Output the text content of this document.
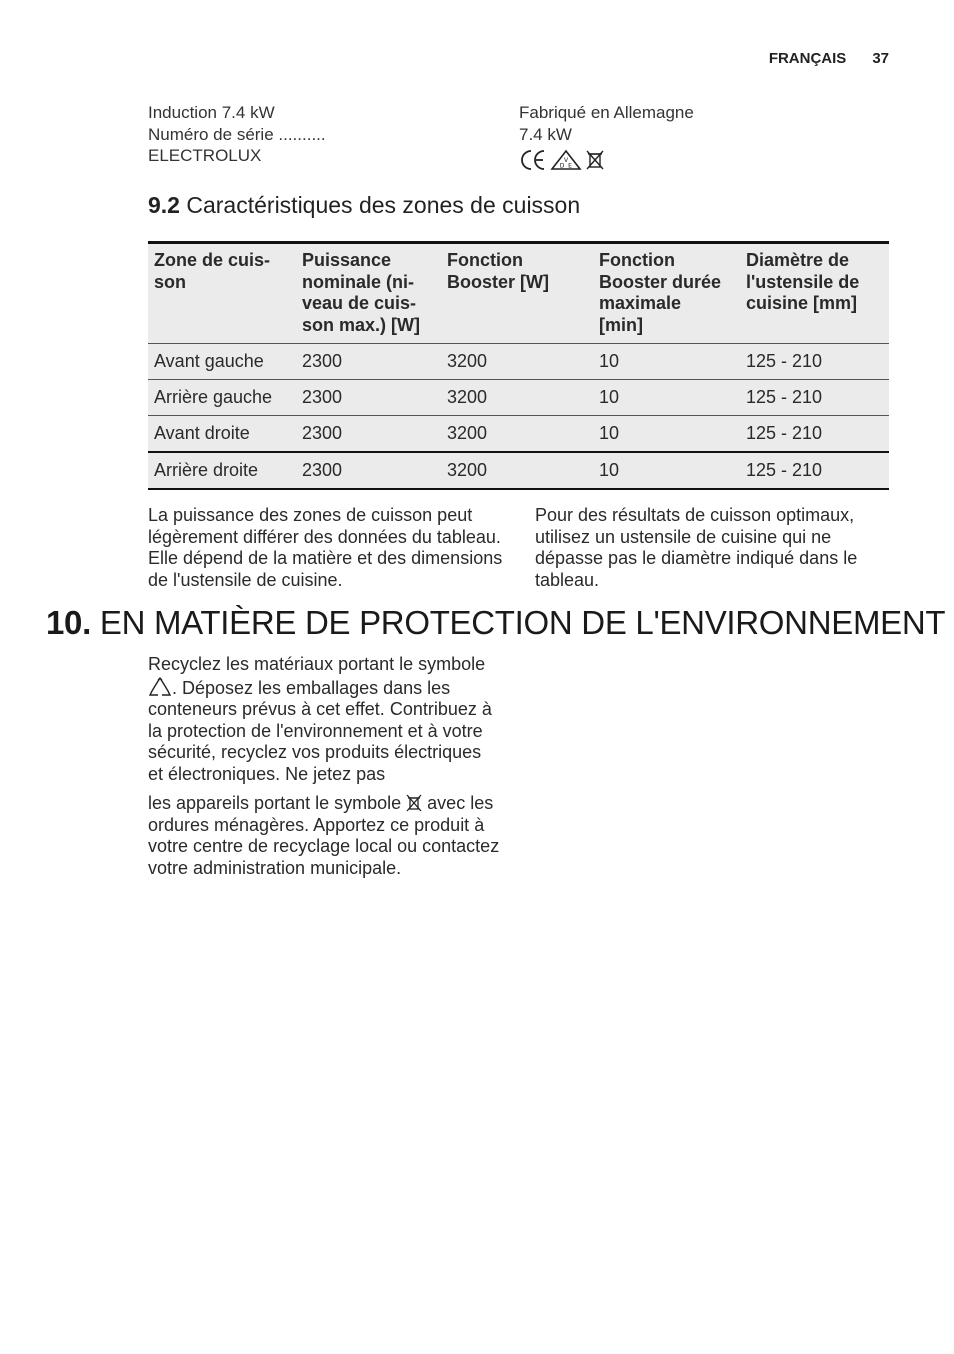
FRANÇAIS 37
Induction 7.4 kW
Numéro de série ..........
ELECTROLUX
Fabriqué en Allemagne
7.4 kW
V
D E
9.2 Caractéristiques des zones de cuisson
Zone de cuis-
son	Puissance
nominale (ni-
veau de cuis-
son max.) [W]	Fonction
Booster [W]	Fonction
Booster durée
maximale
[min]	Diamètre de
l'ustensile de
cuisine [mm]
Avant gauche	2300	3200	10	125 - 210
Arrière gauche	2300	3200	10	125 - 210
Avant droite	2300	3200	10	125 - 210
Arrière droite	2300	3200	10	125 - 210
La puissance des zones de cuisson peut légèrement différer des données du tableau. Elle dépend de la matière et des dimensions de l'ustensile de cuisine.
Pour des résultats de cuisson optimaux, utilisez un ustensile de cuisine qui ne dépasse pas le diamètre indiqué dans le tableau.
10. EN MATIÈRE DE PROTECTION DE L'ENVIRONNEMENT
Recyclez les matériaux portant le symbole
. Déposez les emballages dans les conteneurs prévus à cet effet. Contribuez à la protection de l'environnement et à votre sécurité, recyclez vos produits électriques et électroniques. Ne jetez pas
les appareils portant le symbole avec les ordures ménagères. Apportez ce produit à votre centre de recyclage local ou contactez votre administration municipale.
